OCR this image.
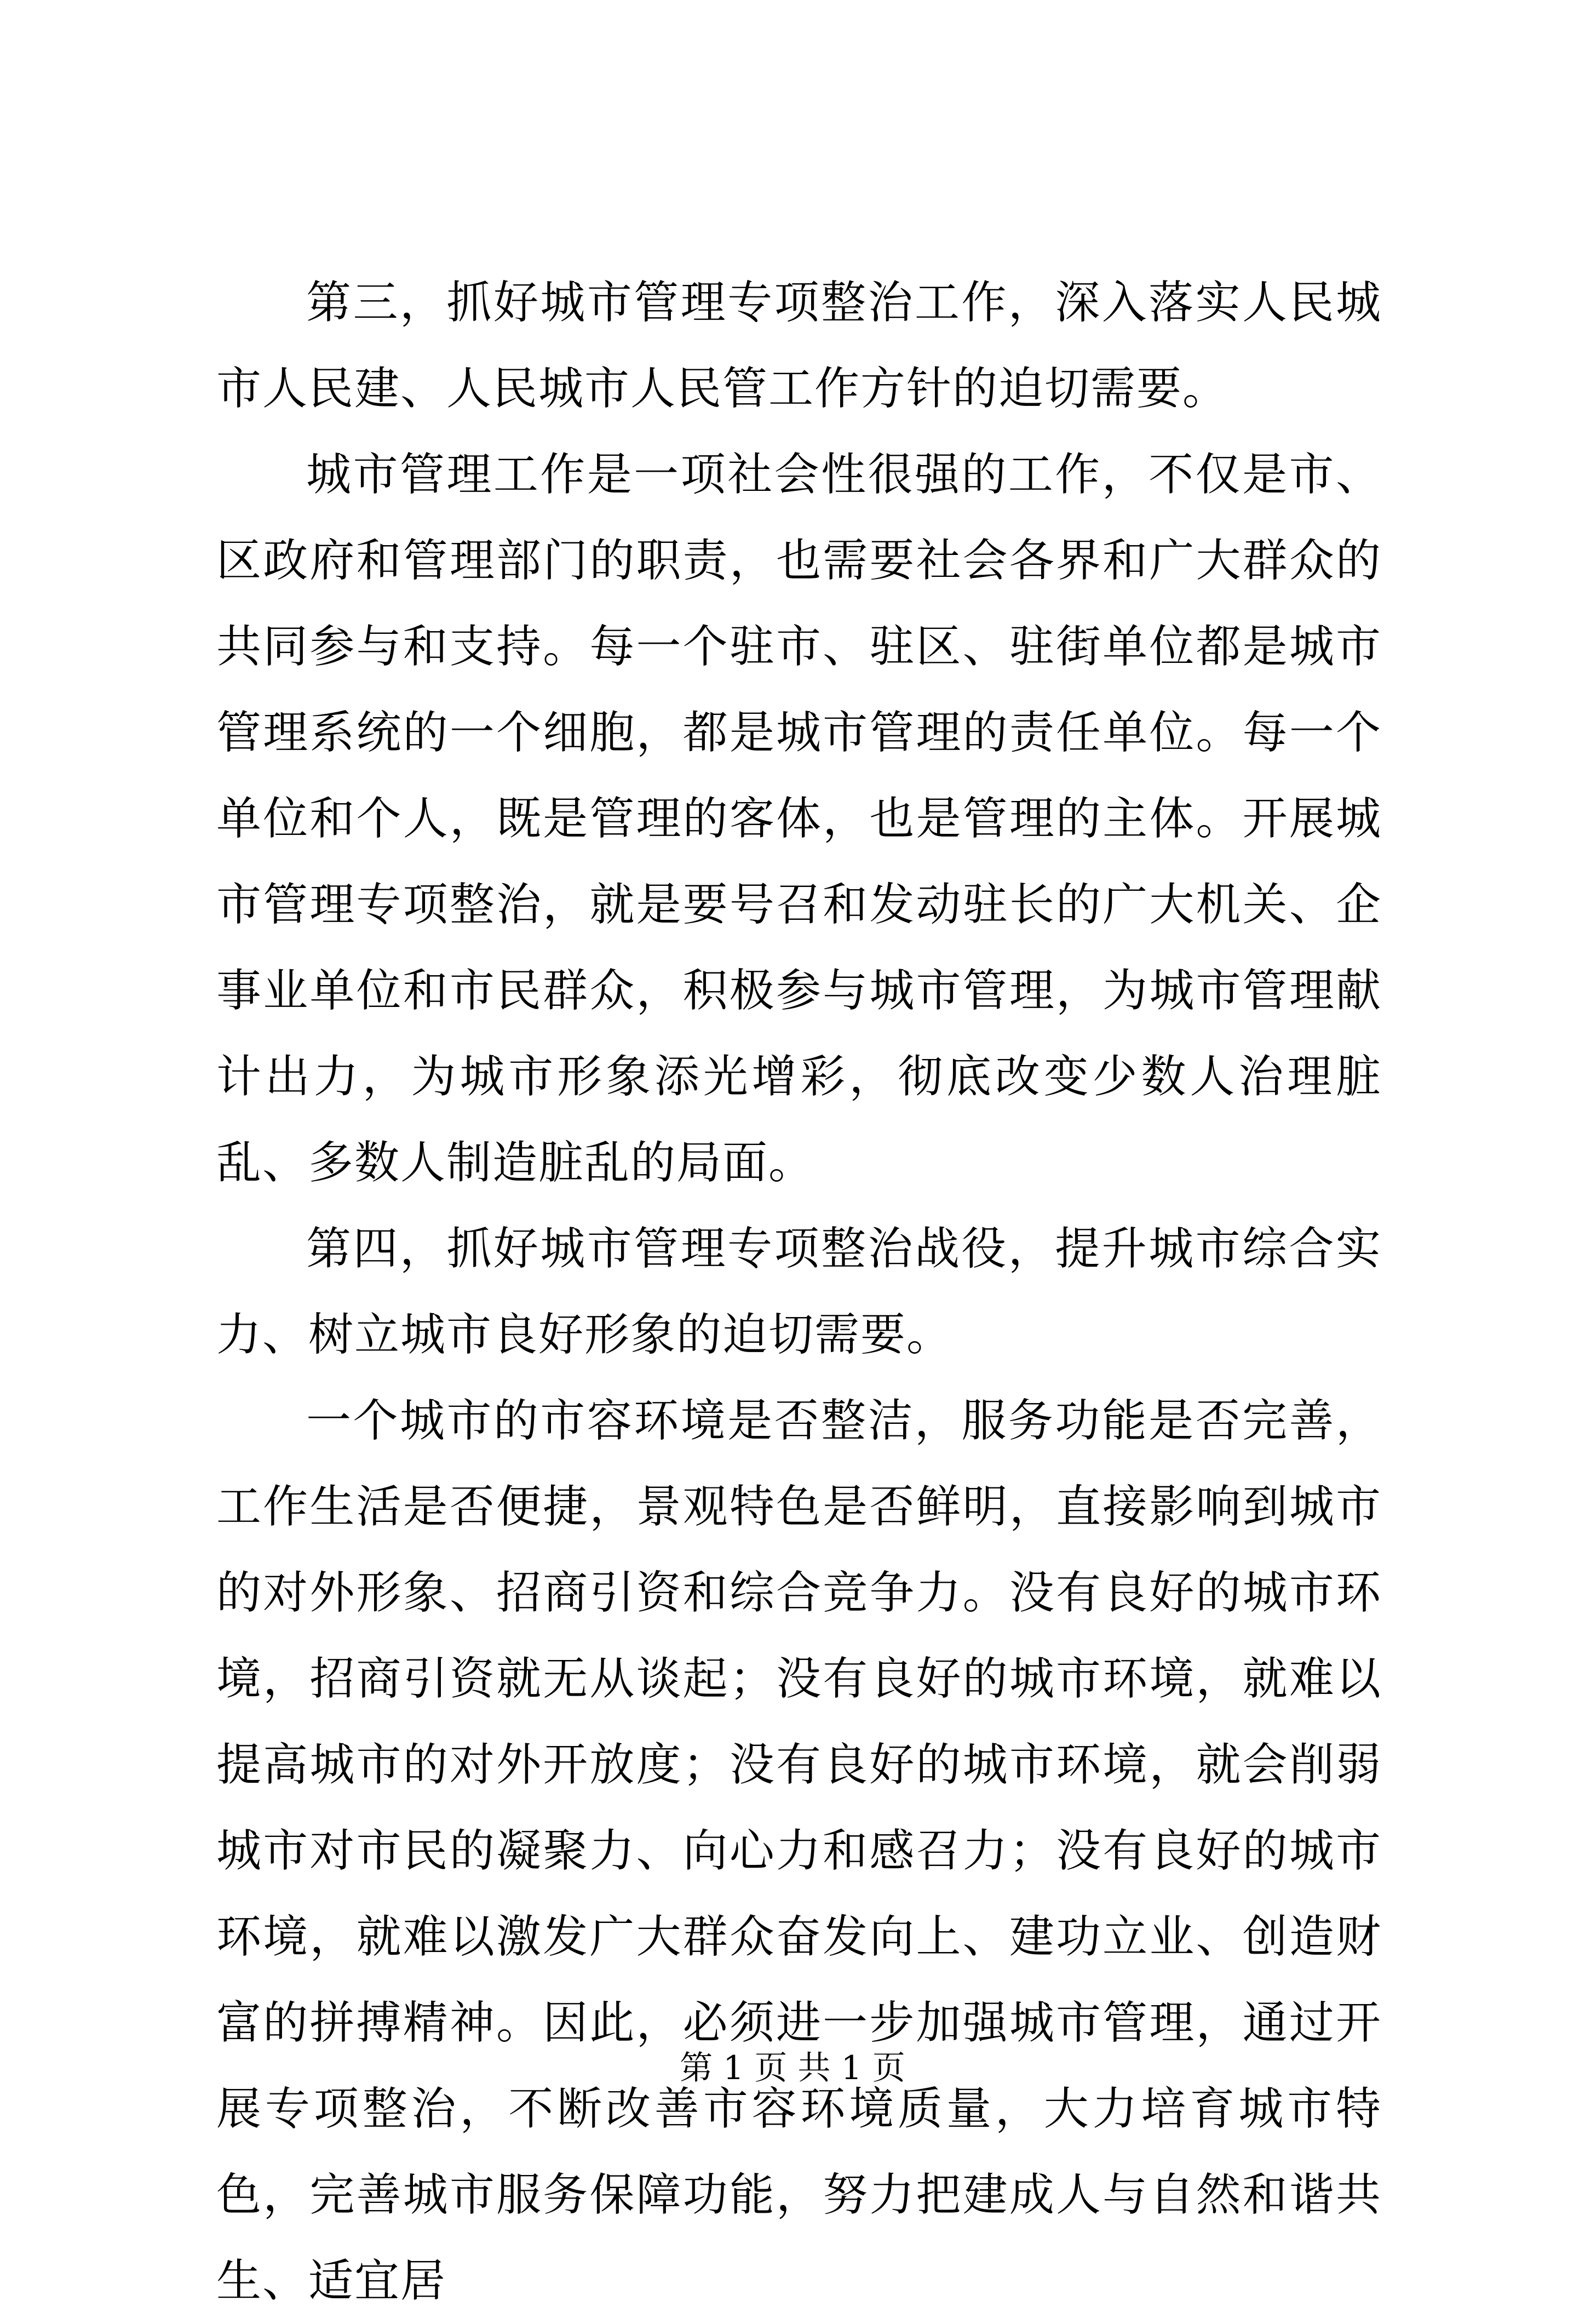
第三，抓好城市管理专项整治工作，深入落实人民城市人民建、人民城市人民管工作方针的迫切需要。

城市管理工作是一项社会性很强的工作，不仅是市、区政府和管理部门的职责，也需要社会各界和广大群众的共同参与和支持。每一个驻市、驻区、驻街单位都是城市管理系统的一个细胞，都是城市管理的责任单位。每一个单位和个人，既是管理的客体，也是管理的主体。开展城市管理专项整治，就是要号召和发动驻长的广大机关、企事业单位和市民群众，积极参与城市管理，为城市管理献计出力，为城市形象添光增彩，彻底改变少数人治理脏乱、多数人制造脏乱的局面。

第四，抓好城市管理专项整治战役，提升城市综合实力、树立城市良好形象的迫切需要。

一个城市的市容环境是否整洁，服务功能是否完善，工作生活是否便捷，景观特色是否鲜明，直接影响到城市的对外形象、招商引资和综合竞争力。没有良好的城市环境，招商引资就无从谈起；没有良好的城市环境，就难以提高城市的对外开放度；没有良好的城市环境，就会削弱城市对市民的凝聚力、向心力和感召力；没有良好的城市环境，就难以激发广大群众奋发向上、建功立业、创造财富的拼搏精神。因此，必须进一步加强城市管理，通过开展专项整治，不断改善市容环境质量，大力培育城市特色，完善城市服务保障功能，努力把建成人与自然和谐共生、适宜居

第 1 页 共 1 页
